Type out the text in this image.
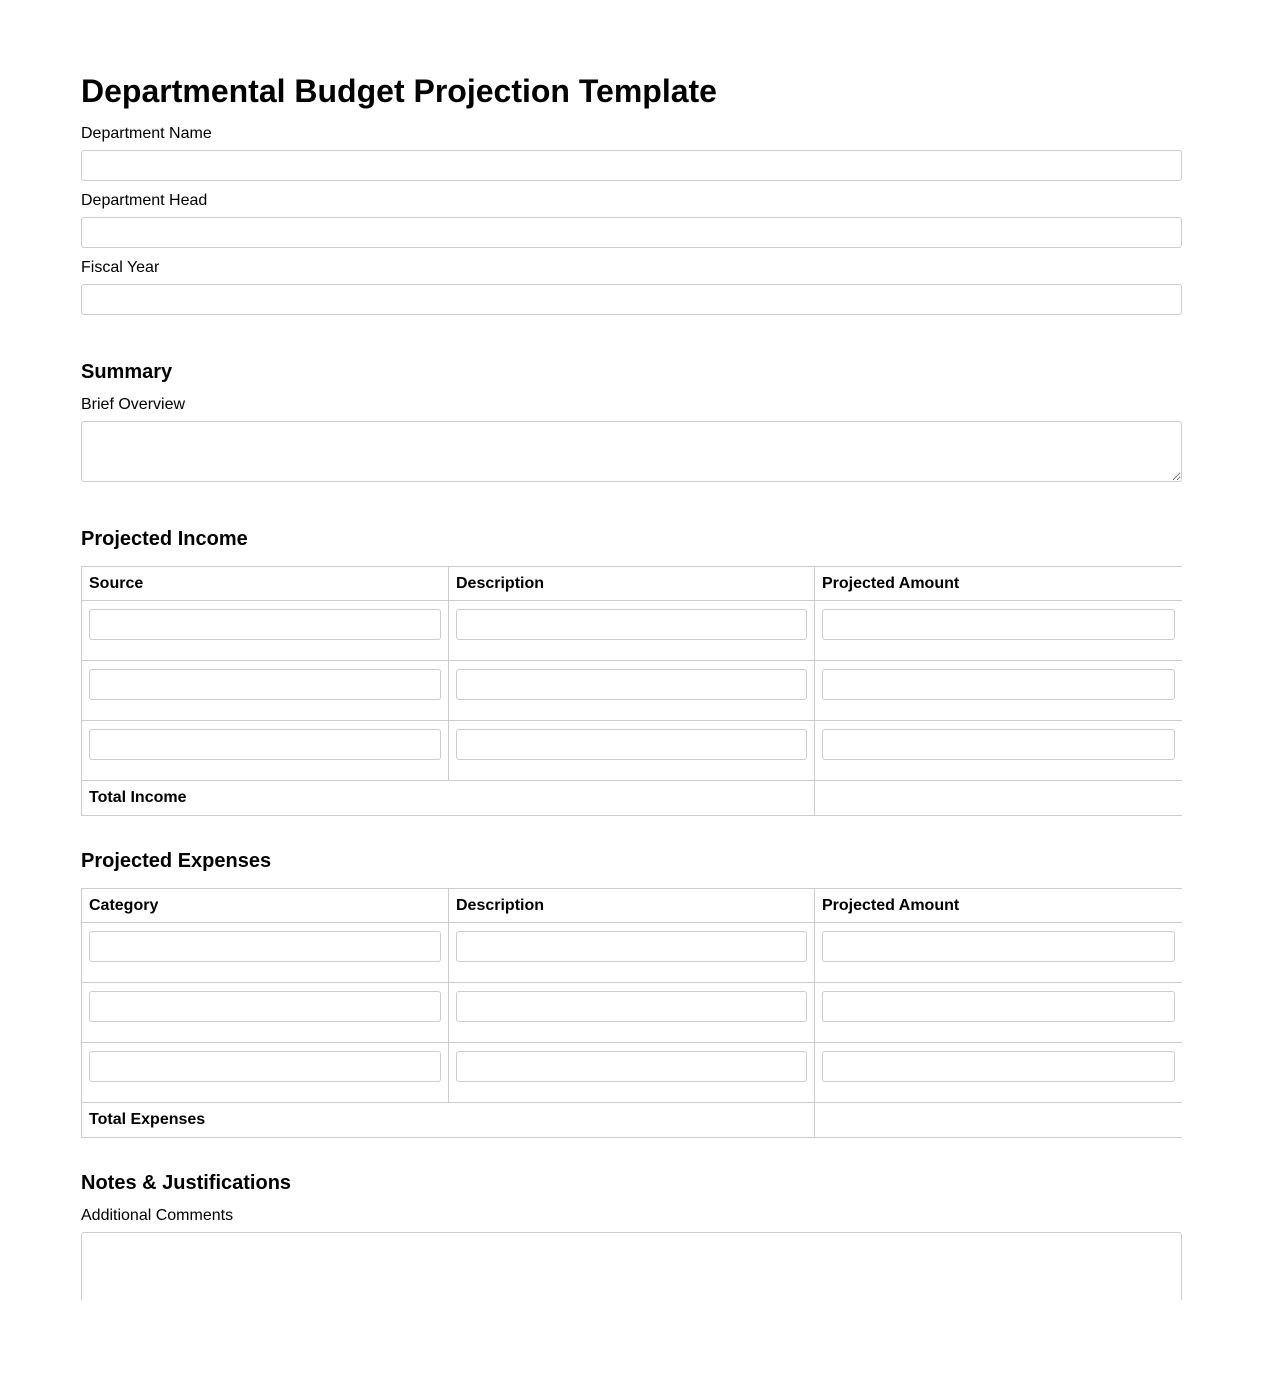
Departmental Budget Projection Template
Department Name
Department Head
Fiscal Year
Summary
Brief Overview
Projected Income
Source	Description	Projected Amount

Total Income		
Projected Expenses
Category	Description	Projected Amount

Total Expenses		
Notes & Justifications
Additional Comments
